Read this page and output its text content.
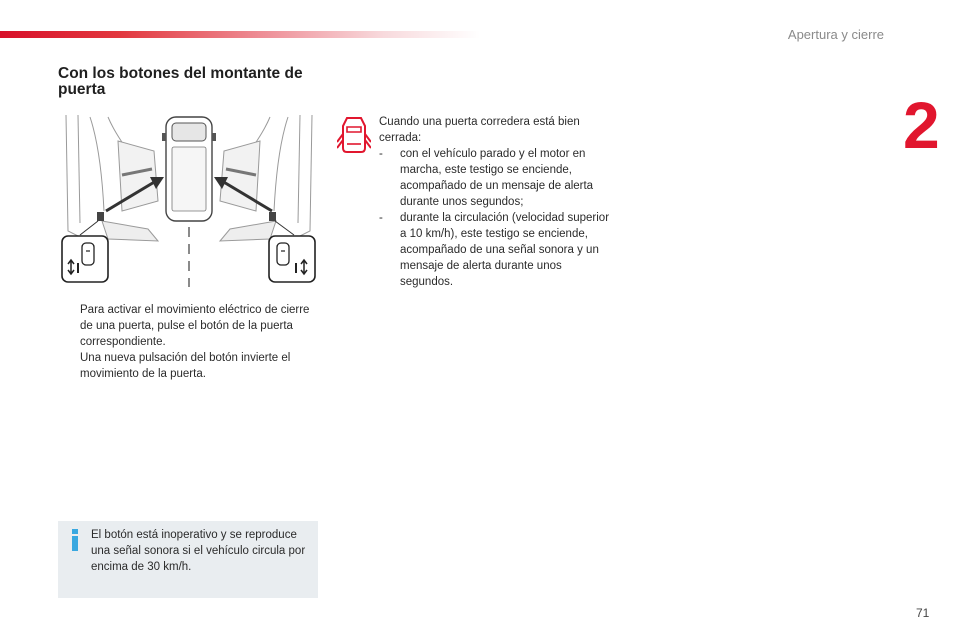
Apertura y cierre
2
Con los botones del montante de puerta

Para activar el movimiento eléctrico de cierre de una puerta, pulse el botón de la puerta correspondiente.

Una nueva pulsación del botón invierte el movimiento de la puerta.

El botón está inoperativo y se reproduce una señal sonora si el vehículo circula por encima de 30 km/h.

Cuando una puerta corredera está bien cerrada:

- con el vehículo parado y el motor en marcha, este testigo se enciende, acompañado de un mensaje de alerta durante unos segundos;

- durante la circulación (velocidad superior a 10 km/h), este testigo se enciende, acompañado de una señal sonora y un mensaje de alerta durante unos segundos.

71
